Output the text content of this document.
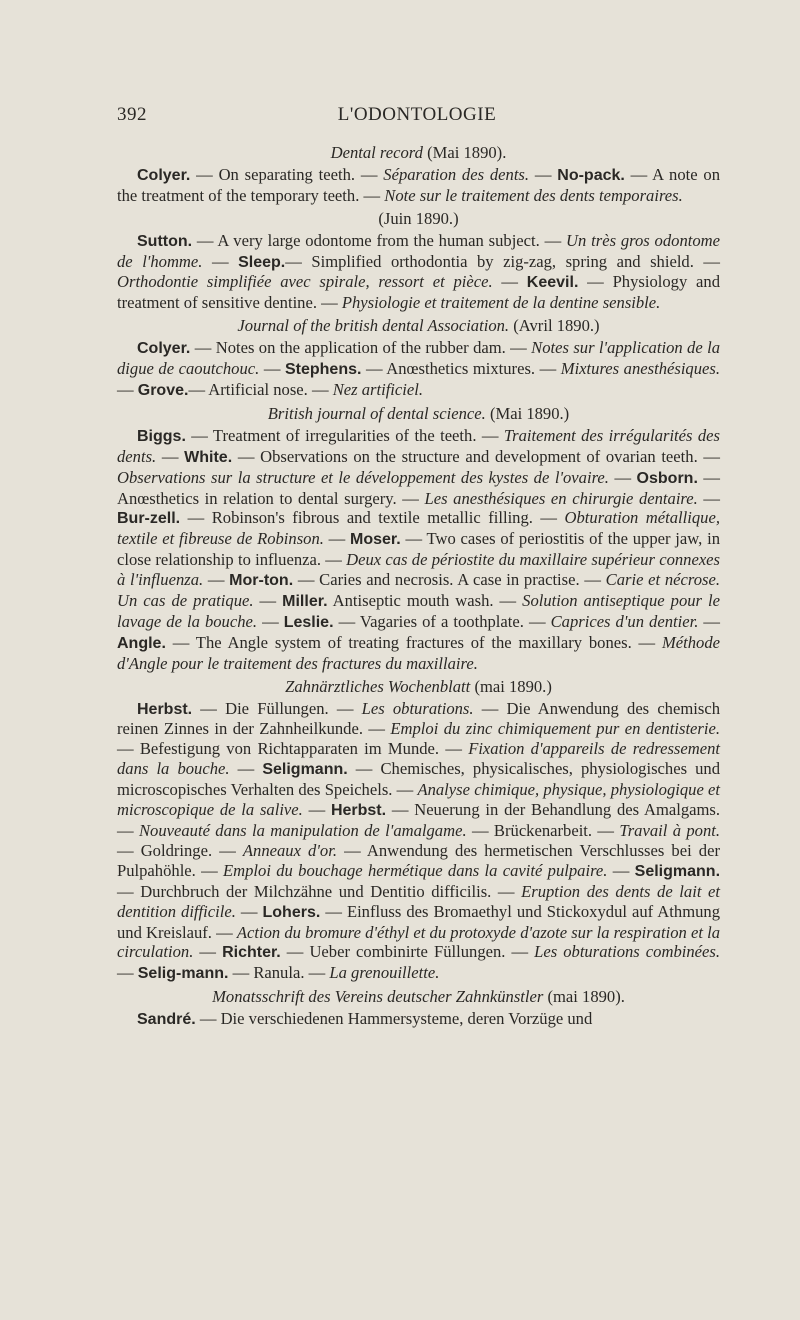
392	L'ODONTOLOGIE
Dental record (Mai 1890).

Colyer. — On separating teeth. — Séparation des dents. — No-pack. — A note on the treatment of the temporary teeth. — Note sur le traitement des dents temporaires.

(Juin 1890.)

Sutton. — A very large odontome from the human subject. — Un très gros odontome de l'homme. — Sleep.— Simplified orthodontia by zig-zag, spring and shield. — Orthodontie simplifiée avec spirale, ressort et pièce. — Keevil. — Physiology and treatment of sensitive dentine. — Physiologie et traitement de la dentine sensible.

Journal of the british dental Association. (Avril 1890.)

Colyer. — Notes on the application of the rubber dam. — Notes sur l'application de la digue de caoutchouc. — Stephens. — Anœsthetics mixtures. — Mixtures anesthésiques. — Grove.— Artificial nose. — Nez artificiel.

British journal of dental science. (Mai 1890.)

Biggs. — Treatment of irregularities of the teeth. — Traitement des irrégularités des dents. — White. — Observations on the structure and development of ovarian teeth. — Observations sur la structure et le développement des kystes de l'ovaire. — Osborn. — Anœsthetics in relation to dental surgery. — Les anesthésiques en chirurgie dentaire. — Bur-zell. — Robinson's fibrous and textile metallic filling. — Obturation métallique, textile et fibreuse de Robinson. — Moser. — Two cases of periostitis of the upper jaw, in close relationship to influenza. — Deux cas de périostite du maxillaire supérieur connexes à l'influenza. — Mor-ton. — Caries and necrosis. A case in practise. — Carie et nécrose. Un cas de pratique. — Miller. Antiseptic mouth wash. — Solution antiseptique pour le lavage de la bouche. — Leslie. — Vagaries of a toothplate. — Caprices d'un dentier. — Angle. — The Angle system of treating fractures of the maxillary bones. — Méthode d'Angle pour le traitement des fractures du maxillaire.

Zahnärztliches Wochenblatt (mai 1890.)

Herbst. — Die Füllungen. — Les obturations. — Die Anwendung des chemisch reinen Zinnes in der Zahnheilkunde. — Emploi du zinc chimiquement pur en dentisterie. — Befestigung von Richtapparaten im Munde. — Fixation d'appareils de redressement dans la bouche. — Seligmann. — Chemisches, physicalisches, physiologisches und microscopisches Verhalten des Speichels. — Analyse chimique, physique, physiologique et microscopique de la salive. — Herbst. — Neuerung in der Behandlung des Amalgams. — Nouveauté dans la manipulation de l'amalgame. — Brückenarbeit. — Travail à pont. — Goldringe. — Anneaux d'or. — Anwendung des hermetischen Verschlusses bei der Pulpahöhle. — Emploi du bouchage hermétique dans la cavité pulpaire. — Seligmann. — Durchbruch der Milchzähne und Dentitio difficilis. — Eruption des dents de lait et dentition difficile. — Lohers. — Einfluss des Bromaethyl und Stickoxydul auf Athmung und Kreislauf. — Action du bromure d'éthyl et du protoxyde d'azote sur la respiration et la circulation. — Richter. — Ueber combinirte Füllungen. — Les obturations combinées. — Selig-mann. — Ranula. — La grenouillette.

Monatsschrift des Vereins deutscher Zahnkünstler (mai 1890).

Sandré. — Die verschiedenen Hammersysteme, deren Vorzüge und
